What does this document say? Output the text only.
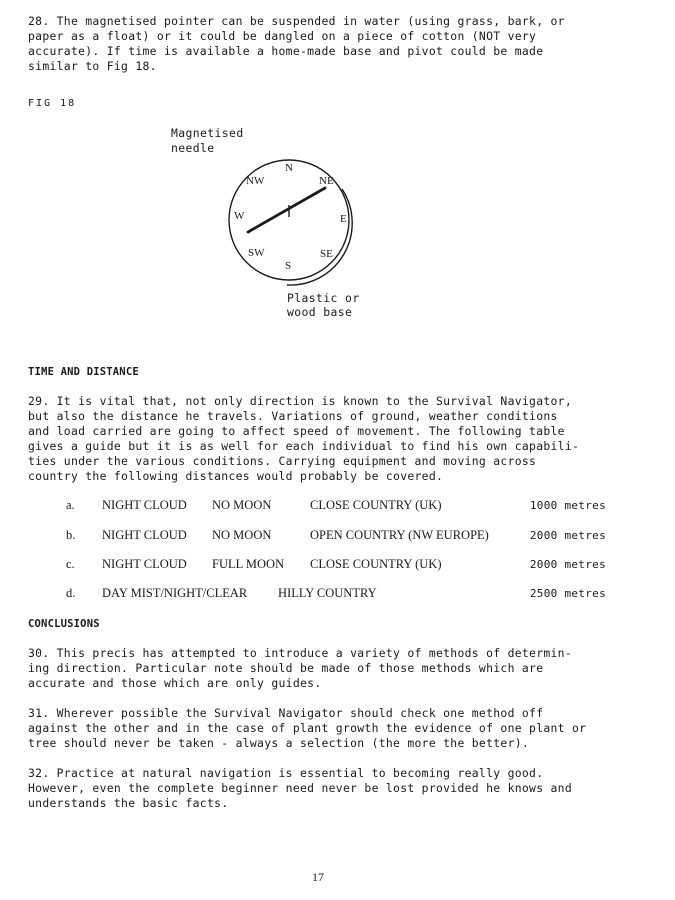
28. The magnetised pointer can be suspended in water (using grass, bark, or
paper as a float) or it could be dangled on a piece of cotton (NOT very
accurate). If time is available a home-made base and pivot could be made
similar to Fig 18.

FIG 18
Magnetised
needle
N
NE
E
SE
S
SW
W
NW
Plastic or
wood base
TIME AND DISTANCE

29. It is vital that, not only direction is known to the Survival Navigator,
but also the distance he travels. Variations of ground, weather conditions
and load carried are going to affect speed of movement. The following table
gives a guide but it is as well for each individual to find his own capabili-
ties under the various conditions. Carrying equipment and moving across
country the following distances would probably be covered.

a. NIGHT CLOUD NO MOON	CLOSE COUNTRY (UK)	1000 metres
b. NIGHT CLOUD NO MOON	OPEN COUNTRY (NW EUROPE)	2000 metres
c. NIGHT CLOUD FULL MOON CLOSE COUNTRY (UK)	2000 metres
d. DAY MIST/NIGHT/CLEAR HILLY COUNTRY	2500 metres
CONCLUSIONS

30. This precis has attempted to introduce a variety of methods of determin-
ing direction. Particular note should be made of those methods which are
accurate and those which are only guides.

31. Wherever possible the Survival Navigator should check one method off
against the other and in the case of plant growth the evidence of one plant or
tree should never be taken - always a selection (the more the better).

32. Practice at natural navigation is essential to becoming really good.
However, even the complete beginner need never be lost provided he knows and
understands the basic facts.

17
